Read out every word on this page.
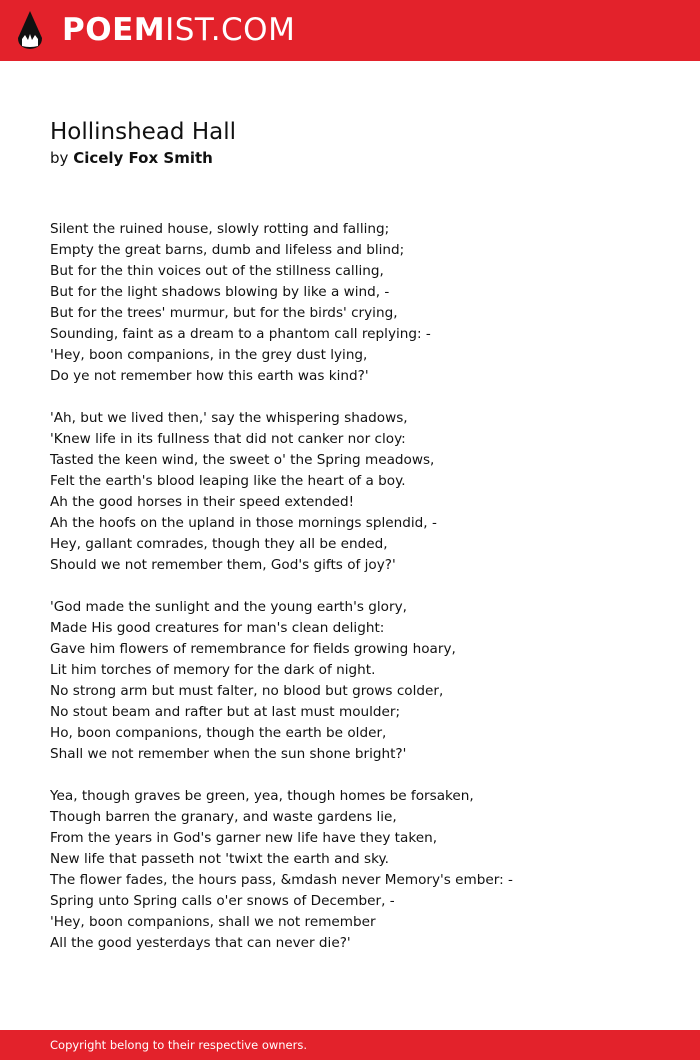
POEMIST.COM
Hollinshead Hall
by Cicely Fox Smith
Silent the ruined house, slowly rotting and falling;
Empty the great barns, dumb and lifeless and blind;
But for the thin voices out of the stillness calling,
But for the light shadows blowing by like a wind, -
But for the trees' murmur, but for the birds' crying,
Sounding, faint as a dream to a phantom call replying: -
'Hey, boon companions, in the grey dust lying,
Do ye not remember how this earth was kind?'
'Ah, but we lived then,' say the whispering shadows,
'Knew life in its fullness that did not canker nor cloy:
Tasted the keen wind, the sweet o' the Spring meadows,
Felt the earth's blood leaping like the heart of a boy.
Ah the good horses in their speed extended!
Ah the hoofs on the upland in those mornings splendid, -
Hey, gallant comrades, though they all be ended,
Should we not remember them, God's gifts of joy?'
'God made the sunlight and the young earth's glory,
Made His good creatures for man's clean delight:
Gave him flowers of remembrance for fields growing hoary,
Lit him torches of memory for the dark of night.
No strong arm but must falter, no blood but grows colder,
No stout beam and rafter but at last must moulder;
Ho, boon companions, though the earth be older,
Shall we not remember when the sun shone bright?'
Yea, though graves be green, yea, though homes be forsaken,
Though barren the granary, and waste gardens lie,
From the years in God's garner new life have they taken,
New life that passeth not 'twixt the earth and sky.
The flower fades, the hours pass, &mdash never Memory's ember: -
Spring unto Spring calls o'er snows of December, -
'Hey, boon companions, shall we not remember
All the good yesterdays that can never die?'
Copyright belong to their respective owners.
